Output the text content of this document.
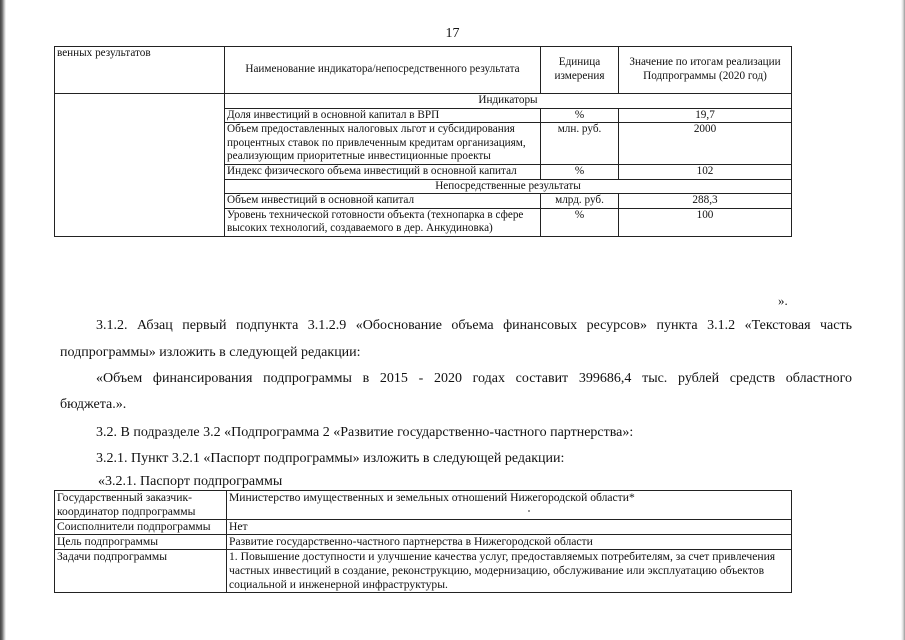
17
венных результатов	Наименование индикатора/непосредственного результата	Единица измерения	Значение по итогам реализации Подпрограммы (2020 год)
	Индикаторы		
	Доля инвестиций в основной капитал в ВРП	%	19,7
	Объем предоставленных налоговых льгот и субсидирования процентных ставок по привлеченным кредитам организациям, реализующим приоритетные инвестиционные проекты	млн. руб.	2000
	Индекс физического объема инвестиций в основной капитал	%	102
	Непосредственные результаты		
	Объем инвестиций в основной капитал	млрд. руб.	288,3
	Уровень технической готовности объекта (технопарка в сфере высоких технологий, создаваемого в дер. Анкудиновка)	%	100
».
3.1.2. Абзац первый подпункта 3.1.2.9 «Обоснование объема финансовых ресурсов» пункта 3.1.2 «Текстовая часть
подпрограммы» изложить в следующей редакции:
«Объем финансирования подпрограммы в 2015 - 2020 годах составит 399686,4 тыс. рублей средств областного
бюджета.».
3.2. В подразделе 3.2 «Подпрограмма 2 «Развитие государственно-частного партнерства»:
3.2.1. Пункт 3.2.1 «Паспорт подпрограммы» изложить в следующей редакции:
«3.2.1. Паспорт подпрограммы
Государственный заказчик-координатор подпрограммы	Министерство имущественных и земельных отношений Нижегородской области*
Соисполнители подпрограммы	Нет
Цель подпрограммы	Развитие государственно-частного партнерства в Нижегородской области
Задачи подпрограммы	1. Повышение доступности и улучшение качества услуг, предоставляемых потребителям, за счет привлечения частных инвестиций в создание, реконструкцию, модернизацию, обслуживание или эксплуатацию объектов социальной и инженерной инфраструктуры.
